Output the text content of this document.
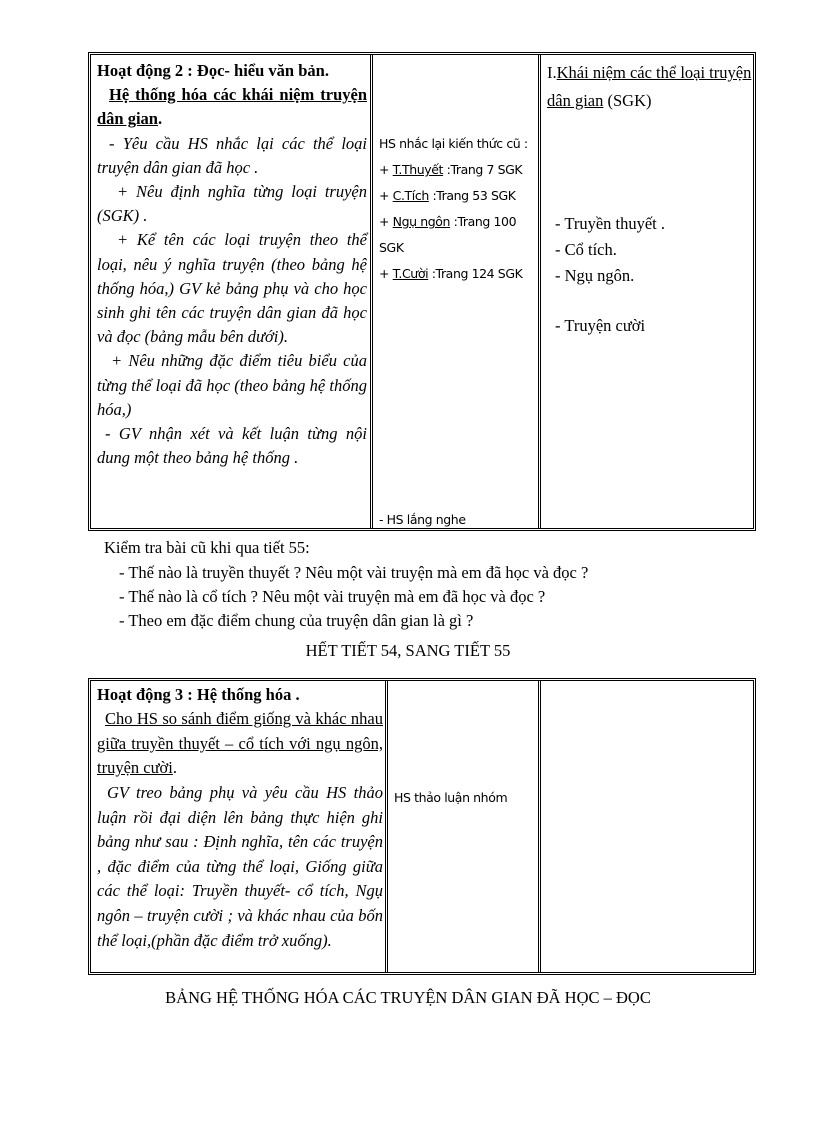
Hoạt động 2 : Đọc- hiểu văn bản.

Hệ thống hóa các khái niệm truyện dân gian.

- Yêu cầu HS nhắc lại các thể loại truyện dân gian đã học .

+ Nêu định nghĩa từng loại truyện (SGK) .

+ Kể tên các loại truyện theo thể loại, nêu ý nghĩa truyện (theo bảng hệ thống hóa,) GV kẻ bảng phụ và cho học sinh ghi tên các truyện dân gian đã học và đọc (bảng mẫu bên dưới).

+ Nêu những đặc điểm tiêu biểu của từng thể loại đã học (theo bảng hệ thống hóa,)

- GV nhận xét và kết luận từng nội dung một theo bảng hệ thống .

HS nhắc lại kiến thức cũ :

+ T.Thuyết :Trang 7 SGK

+ C.Tích :Trang 53 SGK

+ Ngụ ngôn :Trang 100 SGK

+ T.Cười :Trang 124 SGK

- HS lắng nghe

I.Khái niệm các thể loại truyện dân gian (SGK)

- Truyền thuyết .

- Cổ tích.

- Ngụ ngôn.

- Truyện cười

Kiểm tra bài cũ khi qua tiết 55:
- Thế nào là truyền thuyết ? Nêu một vài truyện mà em đã học và đọc ?
- Thế nào là cổ tích ? Nêu một vài truyện mà em đã học và đọc ?
- Theo em đặc điểm chung của truyện dân gian là gì ?
HẾT TIẾT 54, SANG TIẾT 55

Hoạt động 3 : Hệ thống hóa .

Cho HS so sánh điểm giống và khác nhau giữa truyền thuyết – cổ tích với ngụ ngôn, truyện cười.

GV treo bảng phụ và yêu cầu HS thảo luận rồi đại diện lên bảng thực hiện ghi bảng như sau : Định nghĩa, tên các truyện , đặc điểm của từng thể loại, Giống giữa các thể loại: Truyền thuyết- cổ tích, Ngụ ngôn – truyện cười ; và khác nhau của bốn thể loại,(phần đặc điểm trở xuống).

HS thảo luận nhóm

BẢNG HỆ THỐNG HÓA CÁC TRUYỆN DÂN GIAN ĐÃ HỌC – ĐỌC
